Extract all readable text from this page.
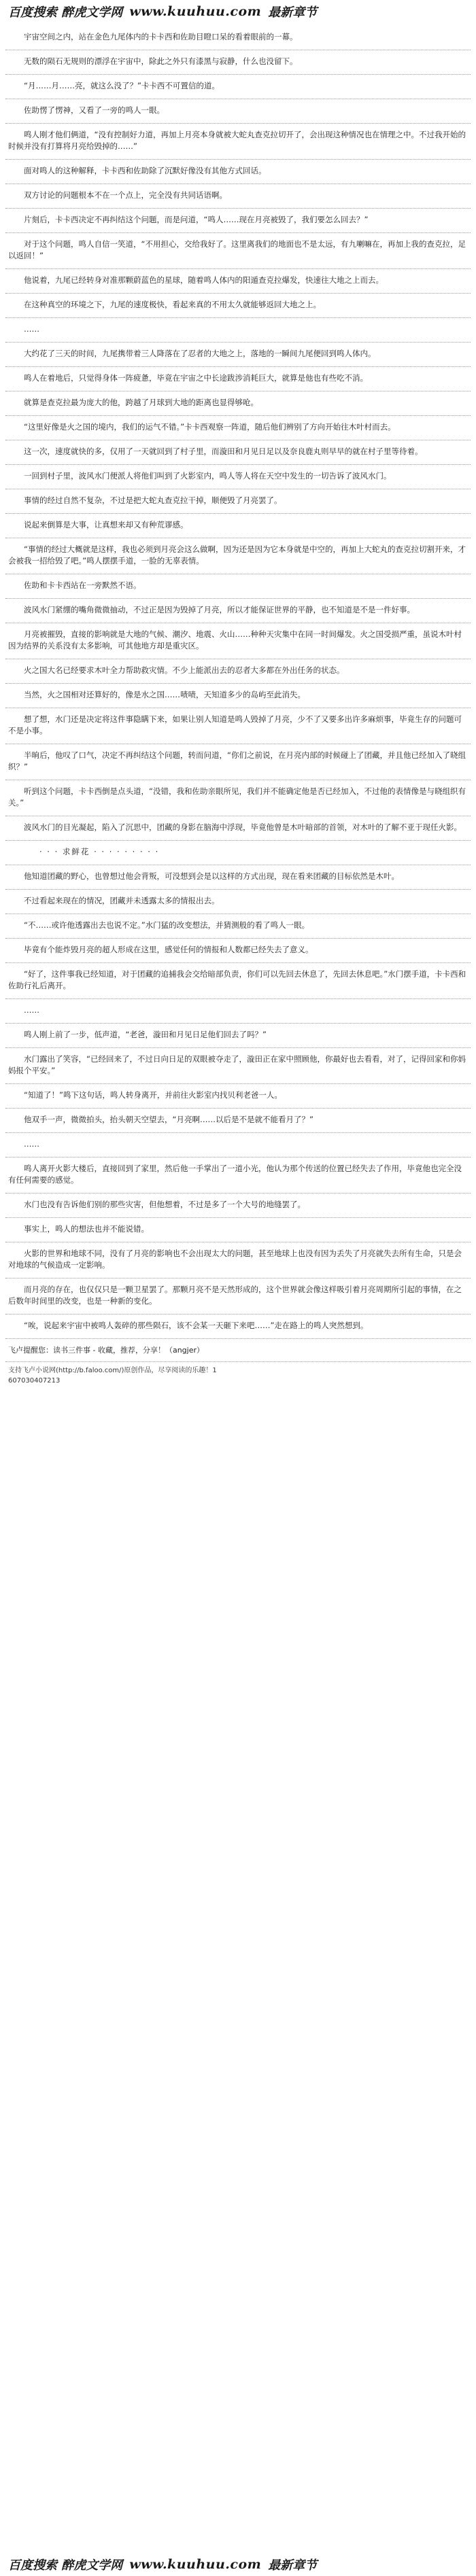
百度搜索 醉虎文学网 www.kuuhuu.com 最新章节
宇宙空间之内，站在金色九尾体内的卡卡西和佐助目瞪口呆的看着眼前的一幕。
无数的陨石无规则的漂浮在宇宙中，除此之外只有漆黑与寂静，什么也没留下。
“月……月……亮，就这么没了？”卡卡西不可置信的道。
佐助愣了愣神，又看了一旁的鸣人一眼。
鸣人刚才他们俩道，“没有控制好力道，再加上月亮本身就被大蛇丸查克拉切开了，会出现这种情况也在情理之中。不过我开始的时候并没有打算将月亮给毁掉的……”
面对鸣人的这种解释，卡卡西和佐助除了沉默好像没有其他方式回话。
双方讨论的问题根本不在一个点上，完全没有共同话语啊。
片刻后，卡卡西决定不再纠结这个问题，而是问道，“鸣人……现在月亮被毁了，我们要怎么回去？”
对于这个问题，鸣人自信一笑道，“不用担心，交给我好了。这里离我们的地面也不是太远，有九喇嘛在，再加上我的查克拉，足以返回！”
他说着，九尾已经转身对准那颗蔚蓝色的星球，随着鸣人体内的阳遁查克拉爆发，快速往大地之上而去。
在这种真空的环境之下，九尾的速度极快，看起来真的不用太久就能够返回大地之上。
……
大约花了三天的时间，九尾携带着三人降落在了忍者的大地之上，落地的一瞬间九尾便回到鸣人体内。
鸣人在着地后，只觉得身体一阵疲惫，毕竟在宇宙之中长途跋涉消耗巨大，就算是他也有些吃不消。
就算是查克拉最为庞大的他，跨越了月球到大地的距离也显得够呛。
“这里好像是火之国的境内，我们的运气不错。”卡卡西观察一阵道，随后他们辨别了方向开始往木叶村而去。
这一次，速度就快的多，仅用了一天就回到了村子里，而漩田和月见日足以及奈良鹿丸则早早的就在村子里等待着。
一回到村子里，波风水门便派人将他们叫到了火影室内，鸣人等人将在天空中发生的一切告诉了波风水门。
事情的经过自然不复杂，不过是把大蛇丸查克拉干掉，顺便毁了月亮罢了。
说起来倒算是大事，让真想来却又有种荒谬感。
“事情的经过大概就是这样，我也必须到月亮会这么做啊，因为还是因为它本身就是中空的，再加上大蛇丸的查克拉切割开来，才会被我一招给毁了吧。”鸣人摆摆手道，一脸的无辜表情。
佐助和卡卡西站在一旁默然不语。
波风水门紧绷的嘴角微微抽动，不过正是因为毁掉了月亮，所以才能保证世界的平静，也不知道是不是一件好事。
月亮被摧毁，直接的影响就是大地的气候、潮汐、地震、火山……种种天灾集中在同一时间爆发。火之国受损严重，虽说木叶村因为结界的关系没有太多影响，可其他地方却是重灾区。
火之国大名已经要求木叶全力帮助救灾情。不少上能派出去的忍者大多都在外出任务的状态。
当然，火之国相对还算好的，像是水之国……啧啧，天知道多少的岛屿至此消失。
想了想，水门还是决定将这件事隐瞒下来，如果让别人知道是鸣人毁掉了月亮，少不了又要多出许多麻烦事，毕竟生存的问题可不是小事。
半晌后，他叹了口气，决定不再纠结这个问题，转而问道，“你们之前说，在月亮内部的时候碰上了团藏，并且他已经加入了晓组织？”
听到这个问题，卡卡西倒是点头道，“没错，我和佐助亲眼所见，我们并不能确定他是否已经加入，不过他的表情像是与晓组织有关。”
波风水门的目光凝起，陷入了沉思中，团藏的身影在脑海中浮现，毕竟他曾是木叶暗部的首领，对木叶的了解不亚于现任火影。
· · · 求鲜花 · · · · · · · · ·
他知道团藏的野心，也曾想过他会背叛，可没想到会是以这样的方式出现，现在看来团藏的目标依然是木叶。
不过看起来现在的情况，团藏并未透露太多的情报出去。
“不……或许他透露出去也说不定。”水门猛的改变想法，并猜测般的看了鸣人一眼。
毕竟有个能炸毁月亮的超人形成在这里，感觉任何的情报和人数都已经失去了意义。
“好了，这件事我已经知道，对于团藏的追捕我会交给暗部负责，你们可以先回去休息了，先回去休息吧。”水门摆手道，卡卡西和佐助行礼后离开。
……
鸣人刚上前了一步，低声道，“老爸，漩田和月见日足他们回去了吗？”
水门露出了笑容，“已经回来了，不过日向日足的双眼被夺走了，漩田正在家中照顾他，你最好也去看看，对了，记得回家和你妈妈报个平安。”
“知道了！”鸣下这句话，鸣人转身离开，并前往火影室内找贝利老爸一人。
他双手一声，微微拍头，抬头朝天空望去，“月亮啊……以后是不是就不能看月了？”
……
鸣人离开火影大楼后，直接回到了家里，然后他一手掌出了一道小光，他认为那个传送的位置已经失去了作用，毕竟他也完全没有任何需要的感觉。
水门也没有告诉他们别的那些灾害，但他想着，不过是多了一个大号的地缝罢了。
事实上，鸣人的想法也并不能说错。
火影的世界和地球不同，没有了月亮的影响也不会出现太大的问题，甚至地球上也没有因为丢失了月亮就失去所有生命，只是会对地球的气候造成一定影响。
而月亮的存在，也仅仅只是一颗卫星罢了。那颗月亮不是天然形成的，这个世界就会像这样吸引着月亮周期所引起的事情，在之后数年时间里的改变，也是一种新的变化。
“唉，说起来宇宙中被鸣人轰碎的那些陨石，该不会某一天砸下来吧……”走在路上的鸣人突然想到。
飞卢提醒您：读书三件事 - 收藏，推荐，分享！（angjer）
支持飞卢小说网(http://b.faloo.com/)原创作品，尽享阅读的乐趣！1
607030407213
百度搜索 醉虎文学网 www.kuuhuu.com 最新章节
